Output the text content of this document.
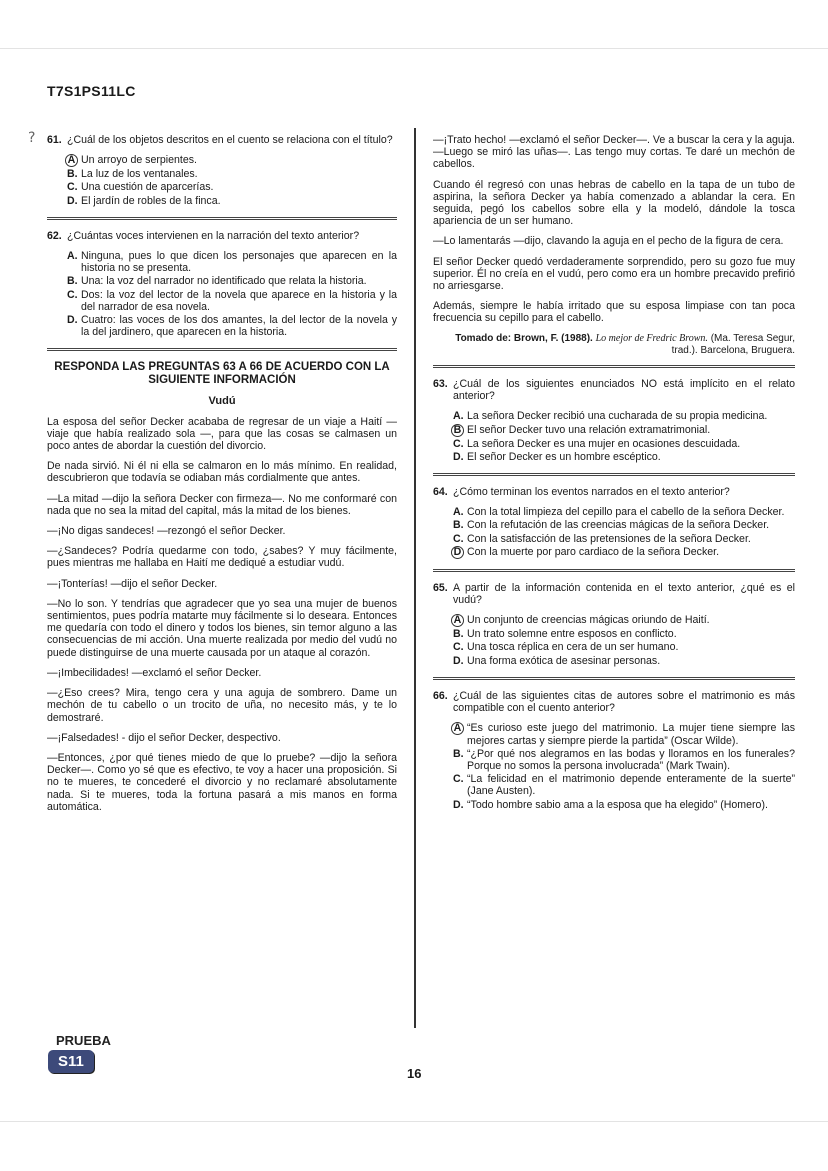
T7S1PS11LC
? 61. ¿Cuál de los objetos descritos en el cuento se relaciona con el título?
A Un arroyo de serpientes.
B. La luz de los ventanales.
C. Una cuestión de aparcerías.
D. El jardín de robles de la finca.
62. ¿Cuántas voces intervienen en la narración del texto anterior?
A. Ninguna, pues lo que dicen los personajes que aparecen en la historia no se presenta.
B. Una: la voz del narrador no identificado que relata la historia.
C. Dos: la voz del lector de la novela que aparece en la historia y la del narrador de esa novela.
D. Cuatro: las voces de los dos amantes, la del lector de la novela y la del jardinero, que aparecen en la historia.
RESPONDA LAS PREGUNTAS 63 A 66 DE ACUERDO CON LA SIGUIENTE INFORMACIÓN
Vudú

La esposa del señor Decker acababa de regresar de un viaje a Haití —viaje que había realizado sola —, para que las cosas se calmasen un poco antes de abordar la cuestión del divorcio.

De nada sirvió. Ni él ni ella se calmaron en lo más mínimo. En realidad, descubrieron que todavía se odiaban más cordialmente que antes.

—La mitad —dijo la señora Decker con firmeza—. No me conformaré con nada que no sea la mitad del capital, más la mitad de los bienes.

—¡No digas sandeces! —rezongó el señor Decker.

—¿Sandeces? Podría quedarme con todo, ¿sabes? Y muy fácilmente, pues mientras me hallaba en Haití me dediqué a estudiar vudú.

—¡Tonterías! —dijo el señor Decker.

—No lo son. Y tendrías que agradecer que yo sea una mujer de buenos sentimientos, pues podría matarte muy fácilmente si lo deseara. Entonces me quedaría con todo el dinero y todos los bienes, sin temor alguno a las consecuencias de mi acción. Una muerte realizada por medio del vudú no puede distinguirse de una muerte causada por un ataque al corazón.

—¡Imbecilidades! —exclamó el señor Decker.

—¿Eso crees? Mira, tengo cera y una aguja de sombrero. Dame un mechón de tu cabello o un trocito de uña, no necesito más, y te lo demostraré.

—¡Falsedades! - dijo el señor Decker, despectivo.

—Entonces, ¿por qué tienes miedo de que lo pruebe? —dijo la señora Decker—. Como yo sé que es efectivo, te voy a hacer una proposición. Si no te mueres, te concederé el divorcio y no reclamaré absolutamente nada. Si te mueres, toda la fortuna pasará a mis manos en forma automática.

—¡Trato hecho! —exclamó el señor Decker—. Ve a buscar la cera y la aguja. —Luego se miró las uñas—. Las tengo muy cortas. Te daré un mechón de cabellos.

Cuando él regresó con unas hebras de cabello en la tapa de un tubo de aspirina, la señora Decker ya había comenzado a ablandar la cera. En seguida, pegó los cabellos sobre ella y la modeló, dándole la tosca apariencia de un ser humano.

—Lo lamentarás —dijo, clavando la aguja en el pecho de la figura de cera.

El señor Decker quedó verdaderamente sorprendido, pero su gozo fue muy superior. Él no creía en el vudú, pero como era un hombre precavido prefirió no arriesgarse.

Además, siempre le había irritado que su esposa limpiase con tan poca frecuencia su cepillo para el cabello.

Tomado de: Brown, F. (1988). Lo mejor de Fredric Brown. (Ma. Teresa Segur, trad.). Barcelona, Bruguera.
63. ¿Cuál de los siguientes enunciados NO está implícito en el relato anterior?
A. La señora Decker recibió una cucharada de su propia medicina.
B El señor Decker tuvo una relación extramatrimonial.
C. La señora Decker es una mujer en ocasiones descuidada.
D. El señor Decker es un hombre escéptico.
64. ¿Cómo terminan los eventos narrados en el texto anterior?
A. Con la total limpieza del cepillo para el cabello de la señora Decker.
B. Con la refutación de las creencias mágicas de la señora Decker.
C. Con la satisfacción de las pretensiones de la señora Decker.
D Con la muerte por paro cardiaco de la señora Decker.
65. A partir de la información contenida en el texto anterior, ¿qué es el vudú?
A Un conjunto de creencias mágicas oriundo de Haití.
B. Un trato solemne entre esposos en conflicto.
C. Una tosca réplica en cera de un ser humano.
D. Una forma exótica de asesinar personas.
66. ¿Cuál de las siguientes citas de autores sobre el matrimonio es más compatible con el cuento anterior?
A “Es curioso este juego del matrimonio. La mujer tiene siempre las mejores cartas y siempre pierde la partida” (Oscar Wilde).
B. “¿Por qué nos alegramos en las bodas y lloramos en los funerales? Porque no somos la persona involucrada” (Mark Twain).
C. “La felicidad en el matrimonio depende enteramente de la suerte” (Jane Austen).
D. “Todo hombre sabio ama a la esposa que ha elegido” (Homero).
PRUEBA
S11
16
